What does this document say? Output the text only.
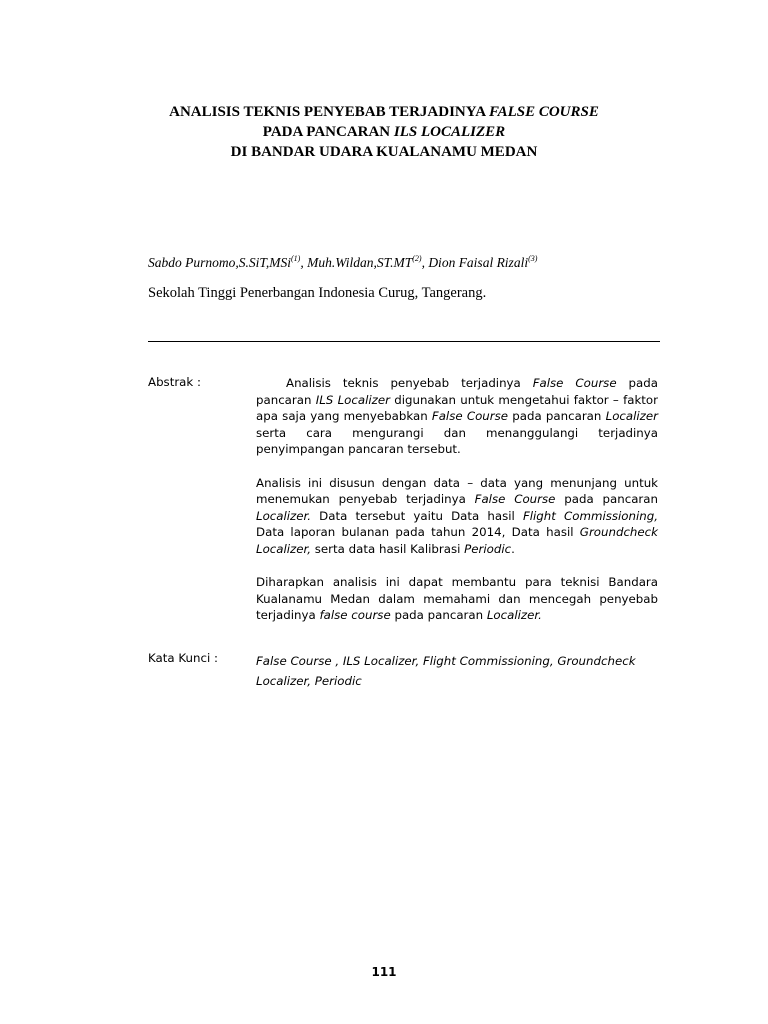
ANALISIS TEKNIS PENYEBAB TERJADINYA FALSE COURSE
PADA PANCARAN ILS LOCALIZER
DI BANDAR UDARA KUALANAMU MEDAN
Sabdo Purnomo,S.SiT,MSi$^{(1)}$, Muh.Wildan,ST.MT$^{(2)}$, Dion Faisal Rizali$^{(3)}$
Sekolah Tinggi Penerbangan Indonesia Curug, Tangerang.
Abstrak :	Analisis teknis penyebab terjadinya False Course pada pancaran ILS Localizer digunakan untuk mengetahui faktor – faktor apa saja yang menyebabkan False Course pada pancaran Localizer serta cara mengurangi dan menanggulangi terjadinya penyimpangan pancaran tersebut.

Analisis ini disusun dengan data – data yang menunjang untuk menemukan penyebab terjadinya False Course pada pancaran Localizer. Data tersebut yaitu Data hasil Flight Commissioning, Data laporan bulanan pada tahun 2014, Data hasil Groundcheck Localizer, serta data hasil Kalibrasi Periodic.

Diharapkan analisis ini dapat membantu para teknisi Bandara Kualanamu Medan dalam memahami dan mencegah penyebab terjadinya false course pada pancaran Localizer.

Kata Kunci :	False Course , ILS Localizer, Flight Commissioning, Groundcheck Localizer, Periodic
111
